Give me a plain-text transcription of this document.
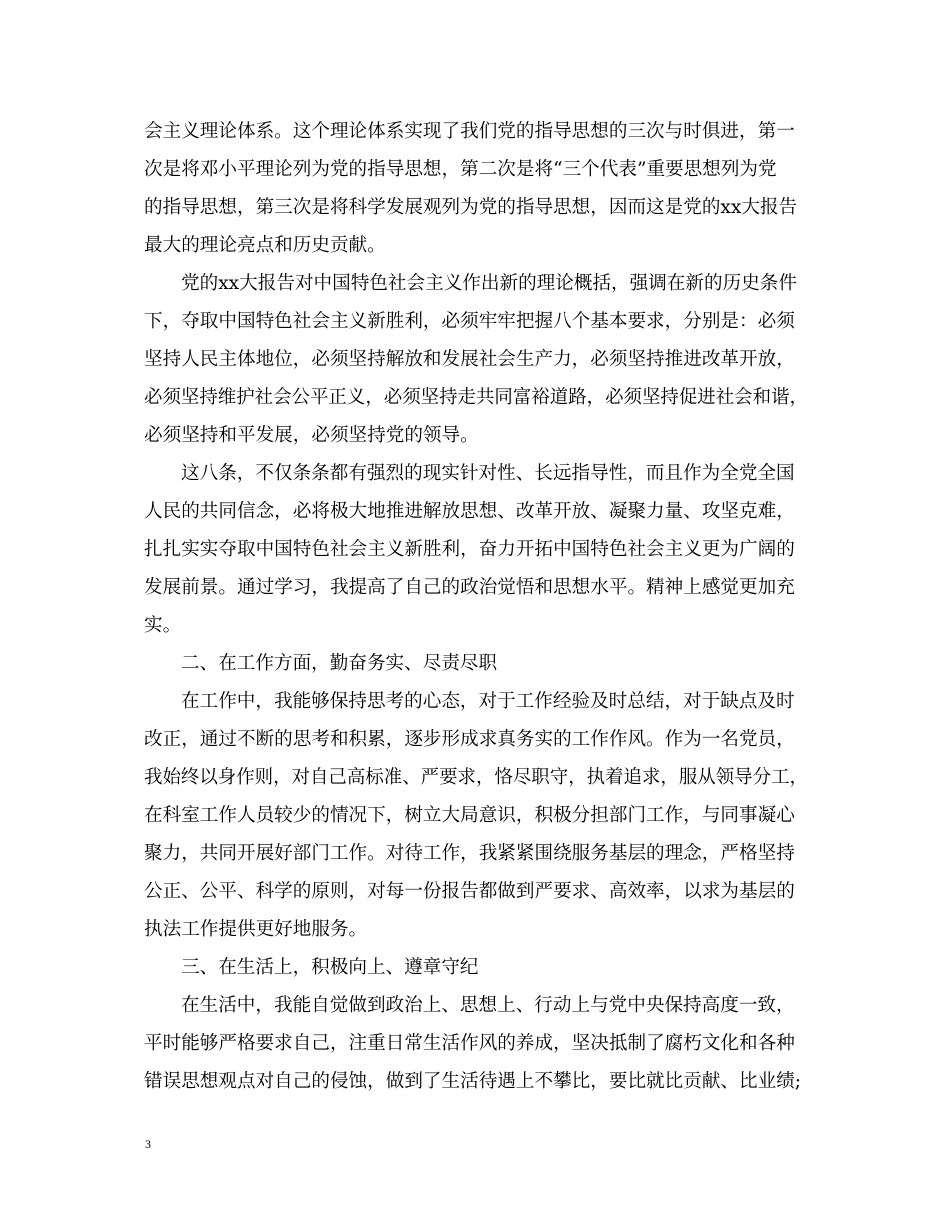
会主义理论体系。这个理论体系实现了我们党的指导思想的三次与时俱进，第一
次是将邓小平理论列为党的指导思想，第二次是将“三个代表”重要思想列为党
的指导思想，第三次是将科学发展观列为党的指导思想，因而这是党的xx大报告
最大的理论亮点和历史贡献。
党的xx大报告对中国特色社会主义作出新的理论概括，强调在新的历史条件
下，夺取中国特色社会主义新胜利，必须牢牢把握八个基本要求，分别是：必须
坚持人民主体地位，必须坚持解放和发展社会生产力，必须坚持推进改革开放，
必须坚持维护社会公平正义，必须坚持走共同富裕道路，必须坚持促进社会和谐，
必须坚持和平发展，必须坚持党的领导。
这八条，不仅条条都有强烈的现实针对性、长远指导性，而且作为全党全国
人民的共同信念，必将极大地推进解放思想、改革开放、凝聚力量、攻坚克难，
扎扎实实夺取中国特色社会主义新胜利，奋力开拓中国特色社会主义更为广阔的
发展前景。通过学习，我提高了自己的政治觉悟和思想水平。精神上感觉更加充
实。
二、在工作方面，勤奋务实、尽责尽职
在工作中，我能够保持思考的心态，对于工作经验及时总结，对于缺点及时
改正，通过不断的思考和积累，逐步形成求真务实的工作作风。作为一名党员，
我始终以身作则，对自己高标准、严要求，恪尽职守，执着追求，服从领导分工，
在科室工作人员较少的情况下，树立大局意识，积极分担部门工作，与同事凝心
聚力，共同开展好部门工作。对待工作，我紧紧围绕服务基层的理念，严格坚持
公正、公平、科学的原则，对每一份报告都做到严要求、高效率，以求为基层的
执法工作提供更好地服务。
三、在生活上，积极向上、遵章守纪
在生活中，我能自觉做到政治上、思想上、行动上与党中央保持高度一致，
平时能够严格要求自己，注重日常生活作风的养成，坚决抵制了腐朽文化和各种
错误思想观点对自己的侵蚀，做到了生活待遇上不攀比，要比就比贡献、比业绩;
3
